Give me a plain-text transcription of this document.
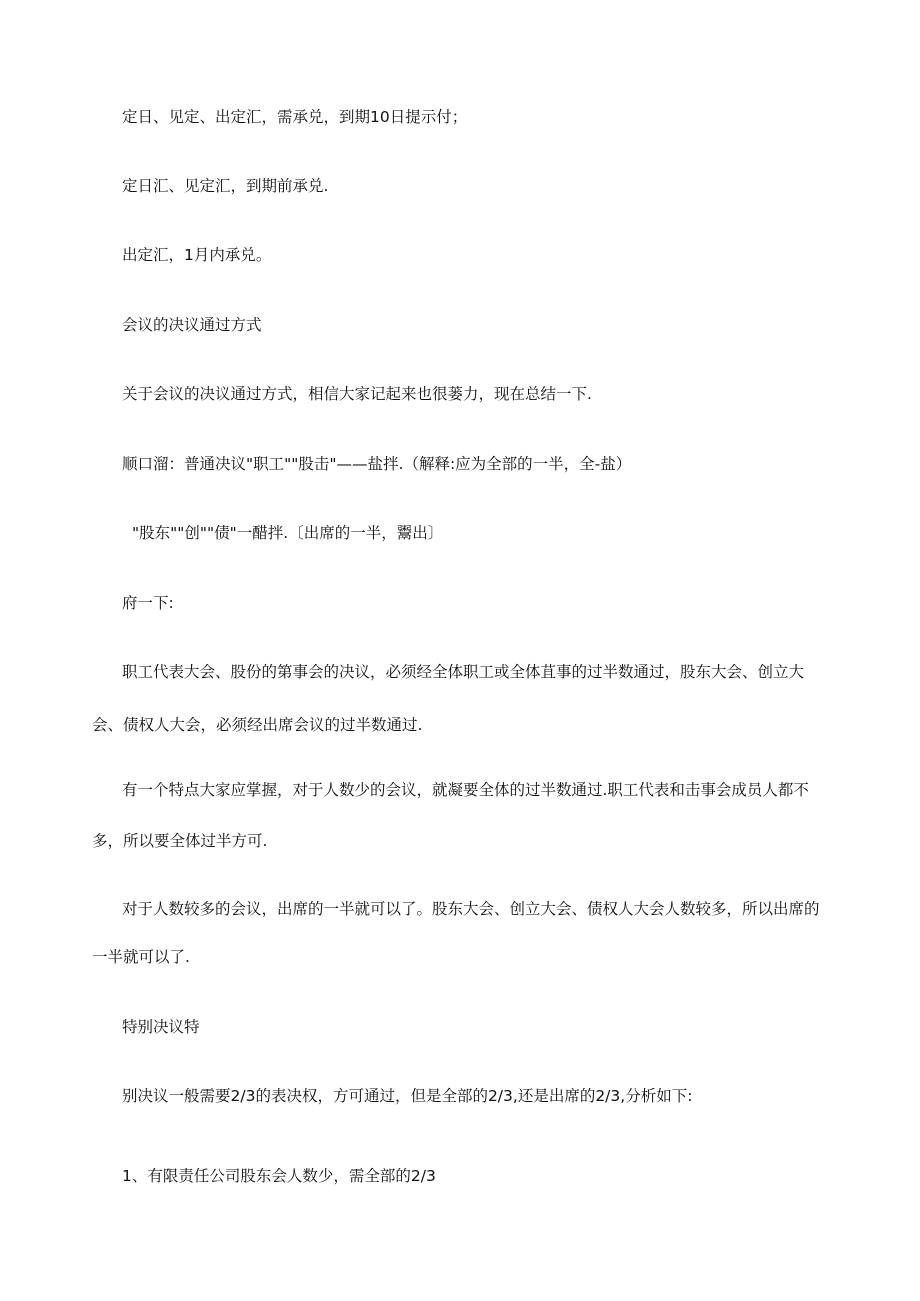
定日、见定、出定汇，需承兑，到期10日提示付；
定日汇、见定汇，到期前承兑.
出定汇，1月内承兑。
会议的决议通过方式
关于会议的决议通过方式，相信大家记起来也很蒌力，现在总结一下.
顺口溜：普通决议"职工""股击"——盐拌.（解释:应为全部的一半，全-盐）
"股东""创""债"一醋拌.〔出席的一半，鬻出〕
府一下:
职工代表大会、股份的第事会的决议，必须经全体职工或全体苴事的过半数通过，股东大会、创立大
会、债权人大会，必须经出席会议的过半数通过.
有一个特点大家应掌握，对于人数少的会议，就凝要全体的过半数通过.职工代表和击事会成员人都不
多，所以要全体过半方可.
对于人数较多的会议，出席的一半就可以了。股东大会、创立大会、债权人大会人数较多，所以出席的
一半就可以了.
特别决议特
别决议一般需要2/3的表决权，方可通过，但是全部的2/3,还是出席的2/3,分析如下:
1、有限责任公司股东会人数少，需全部的2/3
